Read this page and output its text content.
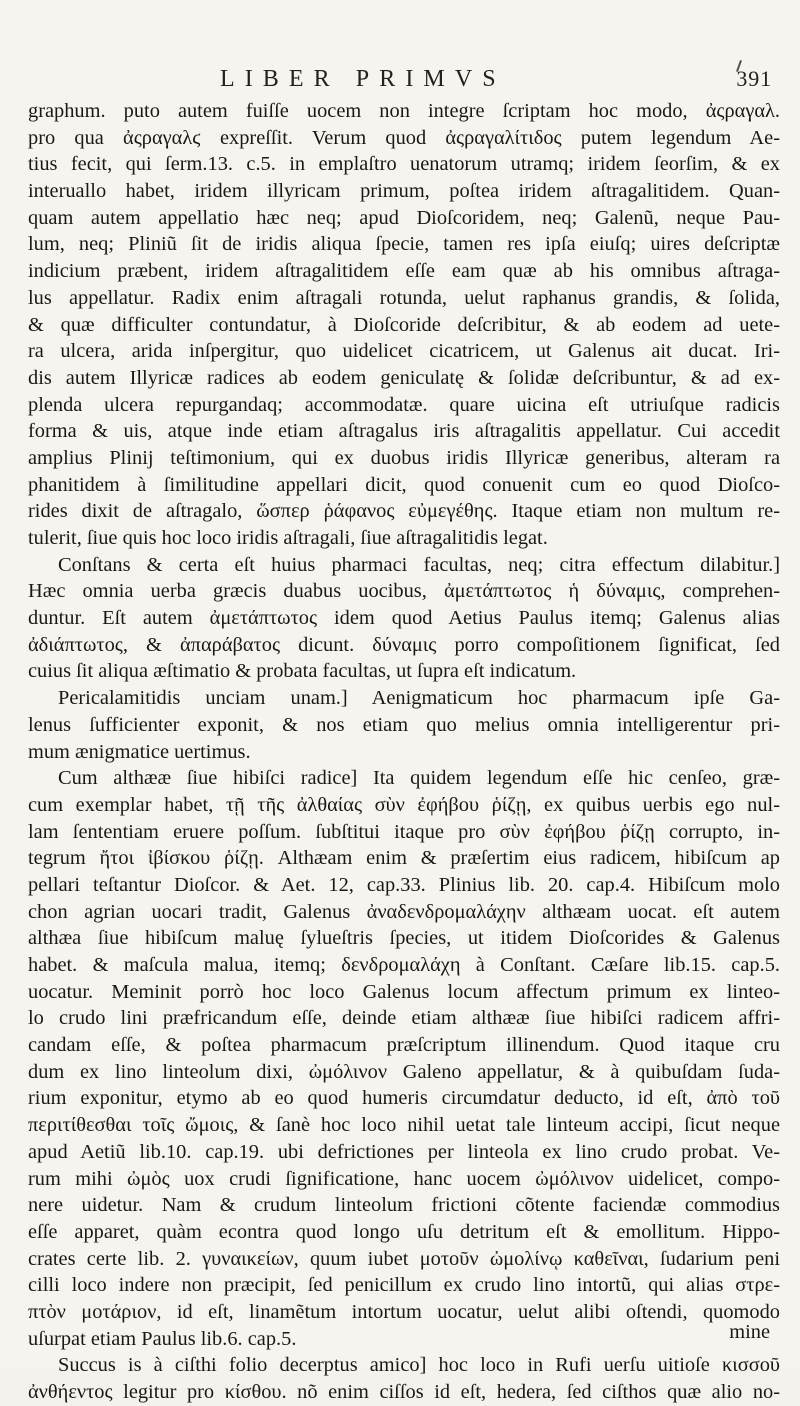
LIBER PRIMVS	391
graphum. puto autem fuiſſe uocem non integre ſcriptam hoc modo, ἀςραγαλ.
pro qua ἀςραγαλϛ expreſſit. Verum quod ἀςραγαλίτιδος putem legendum Ae-
tius fecit, qui ſerm.13. c.5. in emplaſtro uenatorum utramq; iridem ſeorſim, & ex
interuallo habet, iridem illyricam primum, poſtea iridem aſtragalitidem. Quan-
quam autem appellatio hæc neq; apud Dioſcoridem, neq; Galenũ, neque Pau-
lum, neq; Pliniũ ſit de iridis aliqua ſpecie, tamen res ipſa eiuſq; uires deſcriptæ
indicium præbent, iridem aſtragalitidem eſſe eam quæ ab his omnibus aſtraga-
lus appellatur. Radix enim aſtragali rotunda, uelut raphanus grandis, & ſolida,
& quæ difficulter contundatur, à Dioſcoride deſcribitur, & ab eodem ad uete-
ra ulcera, arida inſpergitur, quo uidelicet cicatricem, ut Galenus ait ducat. Iri-
dis autem Illyricæ radices ab eodem geniculatę & ſolidæ deſcribuntur, & ad ex-
plenda ulcera repurgandaq; accommodatæ. quare uicina eſt utriuſque radicis
forma & uis, atque inde etiam aſtragalus iris aſtragalitis appellatur. Cui accedit
amplius Plinij teſtimonium, qui ex duobus iridis Illyricæ generibus, alteram ra
phanitidem à ſimilitudine appellari dicit, quod conuenit cum eo quod Dioſco-
rides dixit de aſtragalo, ὥσπερ ῥάφανος εὐμεγέθης. Itaque etiam non multum re-
tulerit, ſiue quis hoc loco iridis aſtragali, ſiue aſtragalitidis legat.
Conſtans & certa eſt huius pharmaci facultas, neq; citra effectum dilabitur.]
Hæc omnia uerba græcis duabus uocibus, ἀμετάπτωτος ἡ δύναμις, comprehen-
duntur. Eſt autem ἀμετάπτωτος idem quod Aetius Paulus itemq; Galenus alias
ἀδιάπτωτος, & ἀπαράβατος dicunt. δύναμις porro compoſitionem ſignificat, ſed
cuius ſit aliqua æſtimatio & probata facultas, ut ſupra eſt indicatum.
Pericalamitidis unciam unam.] Aenigmaticum hoc pharmacum ipſe Ga-
lenus ſufficienter exponit, & nos etiam quo melius omnia intelligerentur pri-
mum ænigmatice uertimus.
Cum althææ ſiue hibiſci radice] Ita quidem legendum eſſe hic cenſeo, græ-
cum exemplar habet, τῇ τῆς ἀλθαίας σὺν ἐφήβου ῥίζῃ, ex quibus uerbis ego nul-
lam ſententiam eruere poſſum. ſubſtitui itaque pro σὺν ἐφήβου ῥίζῃ corrupto, in-
tegrum ἤτοι ἰβίσκου ῥίζῃ. Althæam enim & præſertim eius radicem, hibiſcum ap
pellari teſtantur Dioſcor. & Aet. 12, cap.33. Plinius lib. 20. cap.4. Hibiſcum molo
chon agrian uocari tradit, Galenus ἀναδενδρομαλάχην althæam uocat. eſt autem
althæa ſiue hibiſcum maluę ſylueſtris ſpecies, ut itidem Dioſcorides & Galenus
habet. & maſcula malua, itemq; δενδρομαλάχη à Conſtant. Cæſare lib.15. cap.5.
uocatur. Meminit porrò hoc loco Galenus locum affectum primum ex linteo-
lo crudo lini præfricandum eſſe, deinde etiam althææ ſiue hibiſci radicem affri-
candam eſſe, & poſtea pharmacum præſcriptum illinendum. Quod itaque cru
dum ex lino linteolum dixi, ὠμόλινον Galeno appellatur, & à quibuſdam ſuda-
rium exponitur, etymo ab eo quod humeris circumdatur deducto, id eſt, ἀπὸ τοῦ
περιτίθεσθαι τοῖς ὤμοις, & ſanè hoc loco nihil uetat tale linteum accipi, ſicut neque
apud Aetiũ lib.10. cap.19. ubi defrictiones per linteola ex lino crudo probat. Ve-
rum mihi ὠμὸς uox crudi ſignificatione, hanc uocem ὠμόλινον uidelicet, compo-
nere uidetur. Nam & crudum linteolum frictioni cõtente faciendæ commodius
eſſe apparet, quàm econtra quod longo uſu detritum eſt & emollitum. Hippo-
crates certe lib. 2. γυναικείων, quum iubet μοτοῦν ὠμολίνῳ καθεῖναι, ſudarium peni
cilli loco indere non præcipit, ſed penicillum ex crudo lino intortũ, qui alias στρε-
πτὸν μοτάριον, id eſt, linamẽtum intortum uocatur, uelut alibi oſtendi, quomodo
uſurpat etiam Paulus lib.6. cap.5.
Succus is à ciſthi folio decerptus amico] hoc loco in Rufi uerſu uitioſe κισσοῦ
ἀνθήεντος legitur pro κίσθου. nõ enim ciſſos id eſt, hedera, ſed ciſthos quæ alio no-
mine
